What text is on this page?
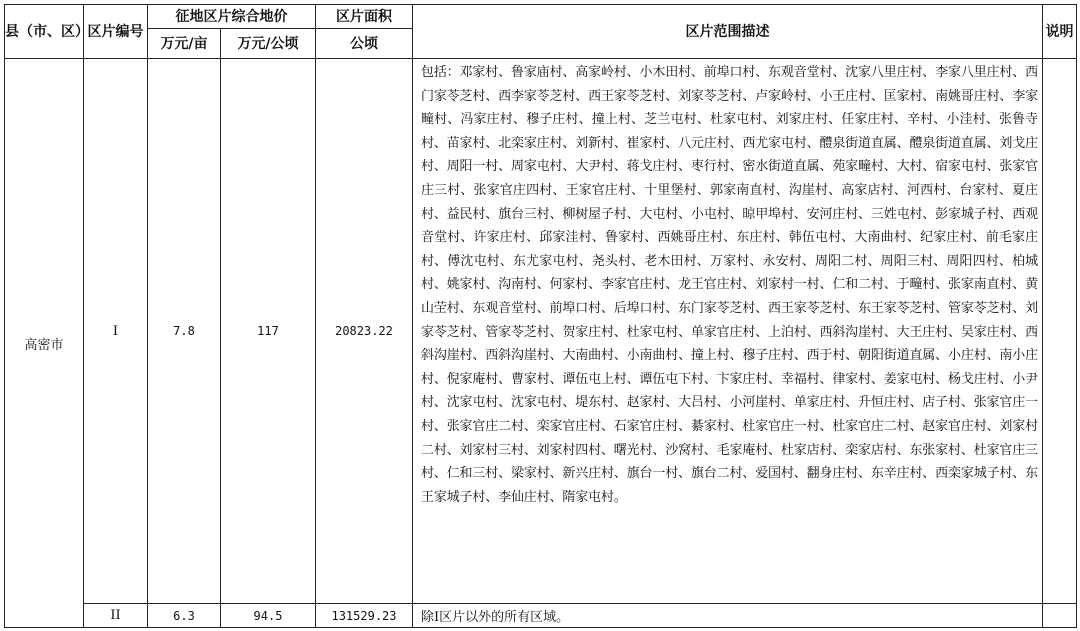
县（市、区）	区片编号	征地区片综合地价		区片面积	区片范围描述	说明
		万元/亩	万元/公顷	公顷		
高密市	I	7.8	117	20823.22	包括：邓家村、鲁家庙村、高家岭村、小木田村、前埠口村、东观音堂村、沈家八里庄村、李家八里庄村、西门家苓芝村、西李家苓芝村、西王家苓芝村、刘家苓芝村、卢家岭村、小王庄村、匡家村、南姚哥庄村、李家疃村、冯家庄村、穆子庄村、撞上村、芝兰屯村、杜家屯村、刘家庄村、任家庄村、辛村、小洼村、张鲁寺村、苗家村、北栾家庄村、刘新村、崔家村、八元庄村、西尤家屯村、醴泉街道直属、醴泉街道直属、刘戈庄村、周阳一村、周家屯村、大尹村、蒋戈庄村、枣行村、密水街道直属、苑家疃村、大村、宿家屯村、张家官庄三村、张家官庄四村、王家官庄村、十里堡村、郭家南直村、沟崖村、高家店村、河西村、台家村、夏庄村、益民村、旗台三村、柳树屋子村、大屯村、小屯村、晾甲埠村、安河庄村、三姓屯村、彭家城子村、西观音堂村、许家庄村、邱家洼村、鲁家村、西姚哥庄村、东庄村、韩伍屯村、大南曲村、纪家庄村、前毛家庄村、傅沈屯村、东尤家屯村、尧头村、老木田村、万家村、永安村、周阳二村、周阳三村、周阳四村、柏城村、姚家村、沟南村、何家村、李家官庄村、龙王官庄村、刘家村一村、仁和二村、于疃村、张家南直村、黄山茔村、东观音堂村、前埠口村、后埠口村、东门家苓芝村、西王家苓芝村、东王家苓芝村、管家苓芝村、刘家苓芝村、管家苓芝村、贺家庄村、杜家屯村、单家官庄村、上泊村、西斜沟崖村、大王庄村、吴家庄村、西斜沟崖村、西斜沟崖村、大南曲村、小南曲村、撞上村、穆子庄村、西于村、朝阳街道直属、小庄村、南小庄村、倪家庵村、曹家村、谭伍屯上村、谭伍屯下村、卞家庄村、幸福村、律家村、姜家屯村、杨戈庄村、小尹村、沈家屯村、沈家屯村、堤东村、赵家村、大吕村、小河崖村、单家庄村、升恒庄村、店子村、张家官庄一村、张家官庄二村、栾家官庄村、石家官庄村、綦家村、杜家官庄一村、杜家官庄二村、赵家官庄村、刘家村二村、刘家村三村、刘家村四村、曙光村、沙窝村、毛家庵村、杜家店村、栾家店村、东张家村、杜家官庄三村、仁和三村、梁家村、新兴庄村、旗台一村、旗台二村、爱国村、翻身庄村、东辛庄村、西栾家城子村、东王家城子村、李仙庄村、隋家屯村。	
	II	6.3	94.5	131529.23	除Ⅰ区片以外的所有区域。	
